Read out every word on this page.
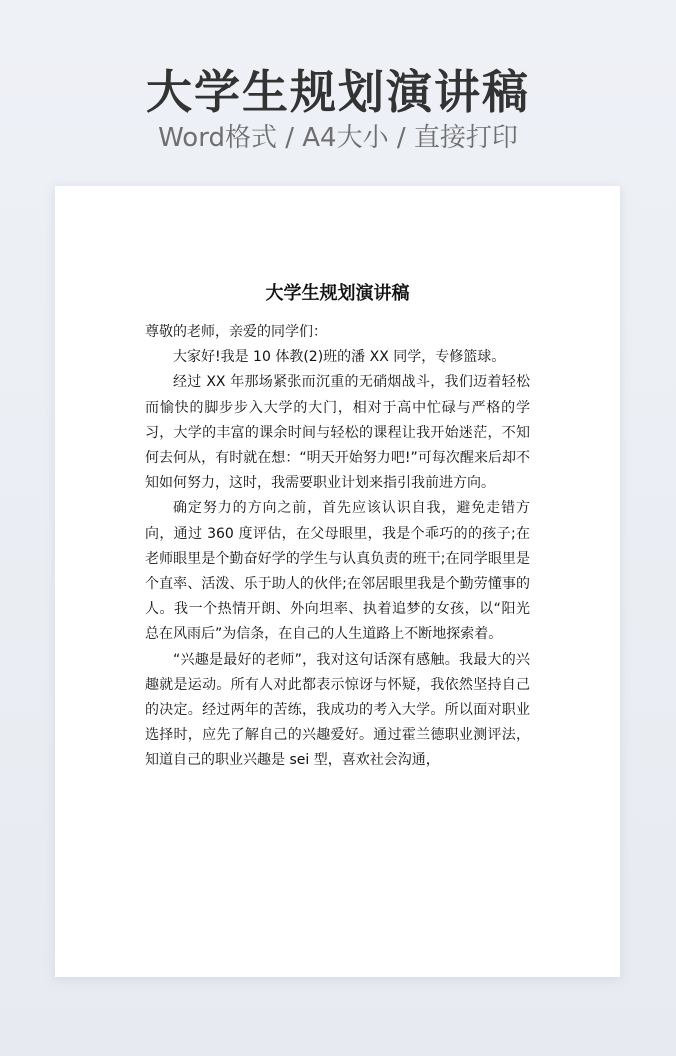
大学生规划演讲稿
Word格式 / A4大小 / 直接打印
大学生规划演讲稿
尊敬的老师，亲爱的同学们：
大家好!我是 10 体教(2)班的潘 XX 同学，专修篮球。
经过 XX 年那场紧张而沉重的无硝烟战斗，我们迈着轻松而愉快的脚步步入大学的大门，相对于高中忙碌与严格的学习，大学的丰富的课余时间与轻松的课程让我开始迷茫，不知何去何从，有时就在想：“明天开始努力吧!”可每次醒来后却不知如何努力，这时，我需要职业计划来指引我前进方向。
确定努力的方向之前，首先应该认识自我，避免走错方向，通过 360 度评估，在父母眼里，我是个乖巧的的孩子;在老师眼里是个勤奋好学的学生与认真负责的班干;在同学眼里是个直率、活泼、乐于助人的伙伴;在邻居眼里我是个勤劳懂事的人。我一个热情开朗、外向坦率、执着追梦的女孩，以“阳光总在风雨后”为信条，在自己的人生道路上不断地探索着。
“兴趣是最好的老师”，我对这句话深有感触。我最大的兴趣就是运动。所有人对此都表示惊讶与怀疑，我依然坚持自己的决定。经过两年的苦练，我成功的考入大学。所以面对职业选择时，应先了解自己的兴趣爱好。通过霍兰德职业测评法，知道自己的职业兴趣是 sei 型，喜欢社会沟通，
